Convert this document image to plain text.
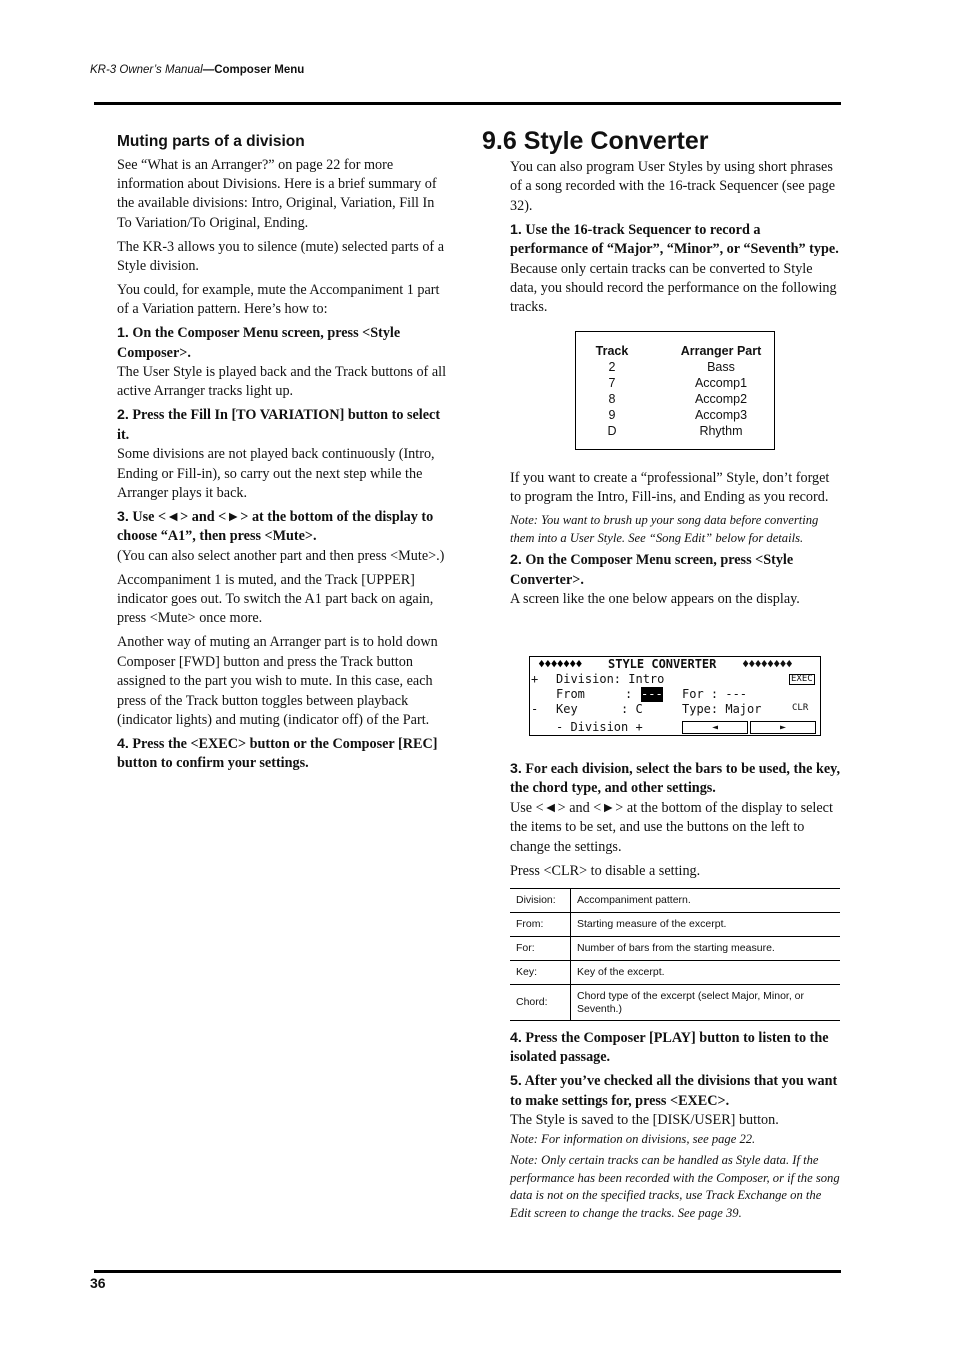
KR-3 Owner’s Manual—Composer Menu

Muting parts of a division

See “What is an Arranger?” on page 22 for more information about Divisions. Here is a brief summary of the available divisions: Intro, Original, Variation, Fill In To Variation/To Original, Ending.

The KR-3 allows you to silence (mute) selected parts of a Style division.

You could, for example, mute the Accompaniment 1 part of a Variation pattern. Here’s how to:

1. On the Composer Menu screen, press <Style Composer>.

The User Style is played back and the Track buttons of all active Arranger tracks light up.

2. Press the Fill In [TO VARIATION] button to select it.

Some divisions are not played back continuously (Intro, Ending or Fill-in), so carry out the next step while the Arranger plays it back.

3. Use <◄> and <►> at the bottom of the display to choose “A1”, then press <Mute>.

(You can also select another part and then press <Mute>.)

Accompaniment 1 is muted, and the Track [UPPER] indicator goes out. To switch the A1 part back on again, press <Mute> once more.

Another way of muting an Arranger part is to hold down Composer [FWD] button and press the Track button assigned to the part you wish to mute. In this case, each press of the Track button toggles between playback (indicator lights) and muting (indicator off) of the Part.

4. Press the <EXEC> button or the Composer [REC] button to confirm your settings.

9.6 Style Converter

You can also program User Styles by using short phrases of a song recorded with the 16-track Sequencer (see page 32).

1. Use the 16-track Sequencer to record a performance of “Major”, “Minor”, or “Seventh” type.

Because only certain tracks can be converted to Style data, you should record the performance on the following tracks.

Track	Arranger Part
2	Bass
7	Accomp1
8	Accomp2
9	Accomp3
D	Rhythm

If you want to create a “professional” Style, don’t forget to program the Intro, Fill-ins, and Ending as you record.

Note: You want to brush up your song data before converting them into a User Style. See “Song Edit” below for details.

2. On the Composer Menu screen, press <Style Converter>.

A screen like the one below appears on the display.

♦♦♦♦♦♦♦ STYLE CONVERTER ♦♦♦♦♦♦♦♦
+ Division: Intro	EXEC
From	: --- For : ---
- Key      : C	Type: Major	CLR
- Division +	◄	►

3. For each division, select the bars to be used, the key, the chord type, and other settings.

Use <◄> and <►> at the bottom of the display to select the items to be set, and use the buttons on the left to change the settings.

Press <CLR> to disable a setting.

Division:	Accompaniment pattern.
From:	Starting measure of the excerpt.
For:	Number of bars from the starting measure.
Key:	Key of the excerpt.
Chord:	Chord type of the excerpt (select Major, Minor, or Seventh.)

4. Press the Composer [PLAY] button to listen to the isolated passage.

5. After you’ve checked all the divisions that you want to make settings for, press <EXEC>.

The Style is saved to the [DISK/USER] button.

Note: For information on divisions, see page 22.

Note: Only certain tracks can be handled as Style data. If the performance has been recorded with the Composer, or if the song data is not on the specified tracks, use Track Exchange on the Edit screen to change the tracks. See page 39.

36
